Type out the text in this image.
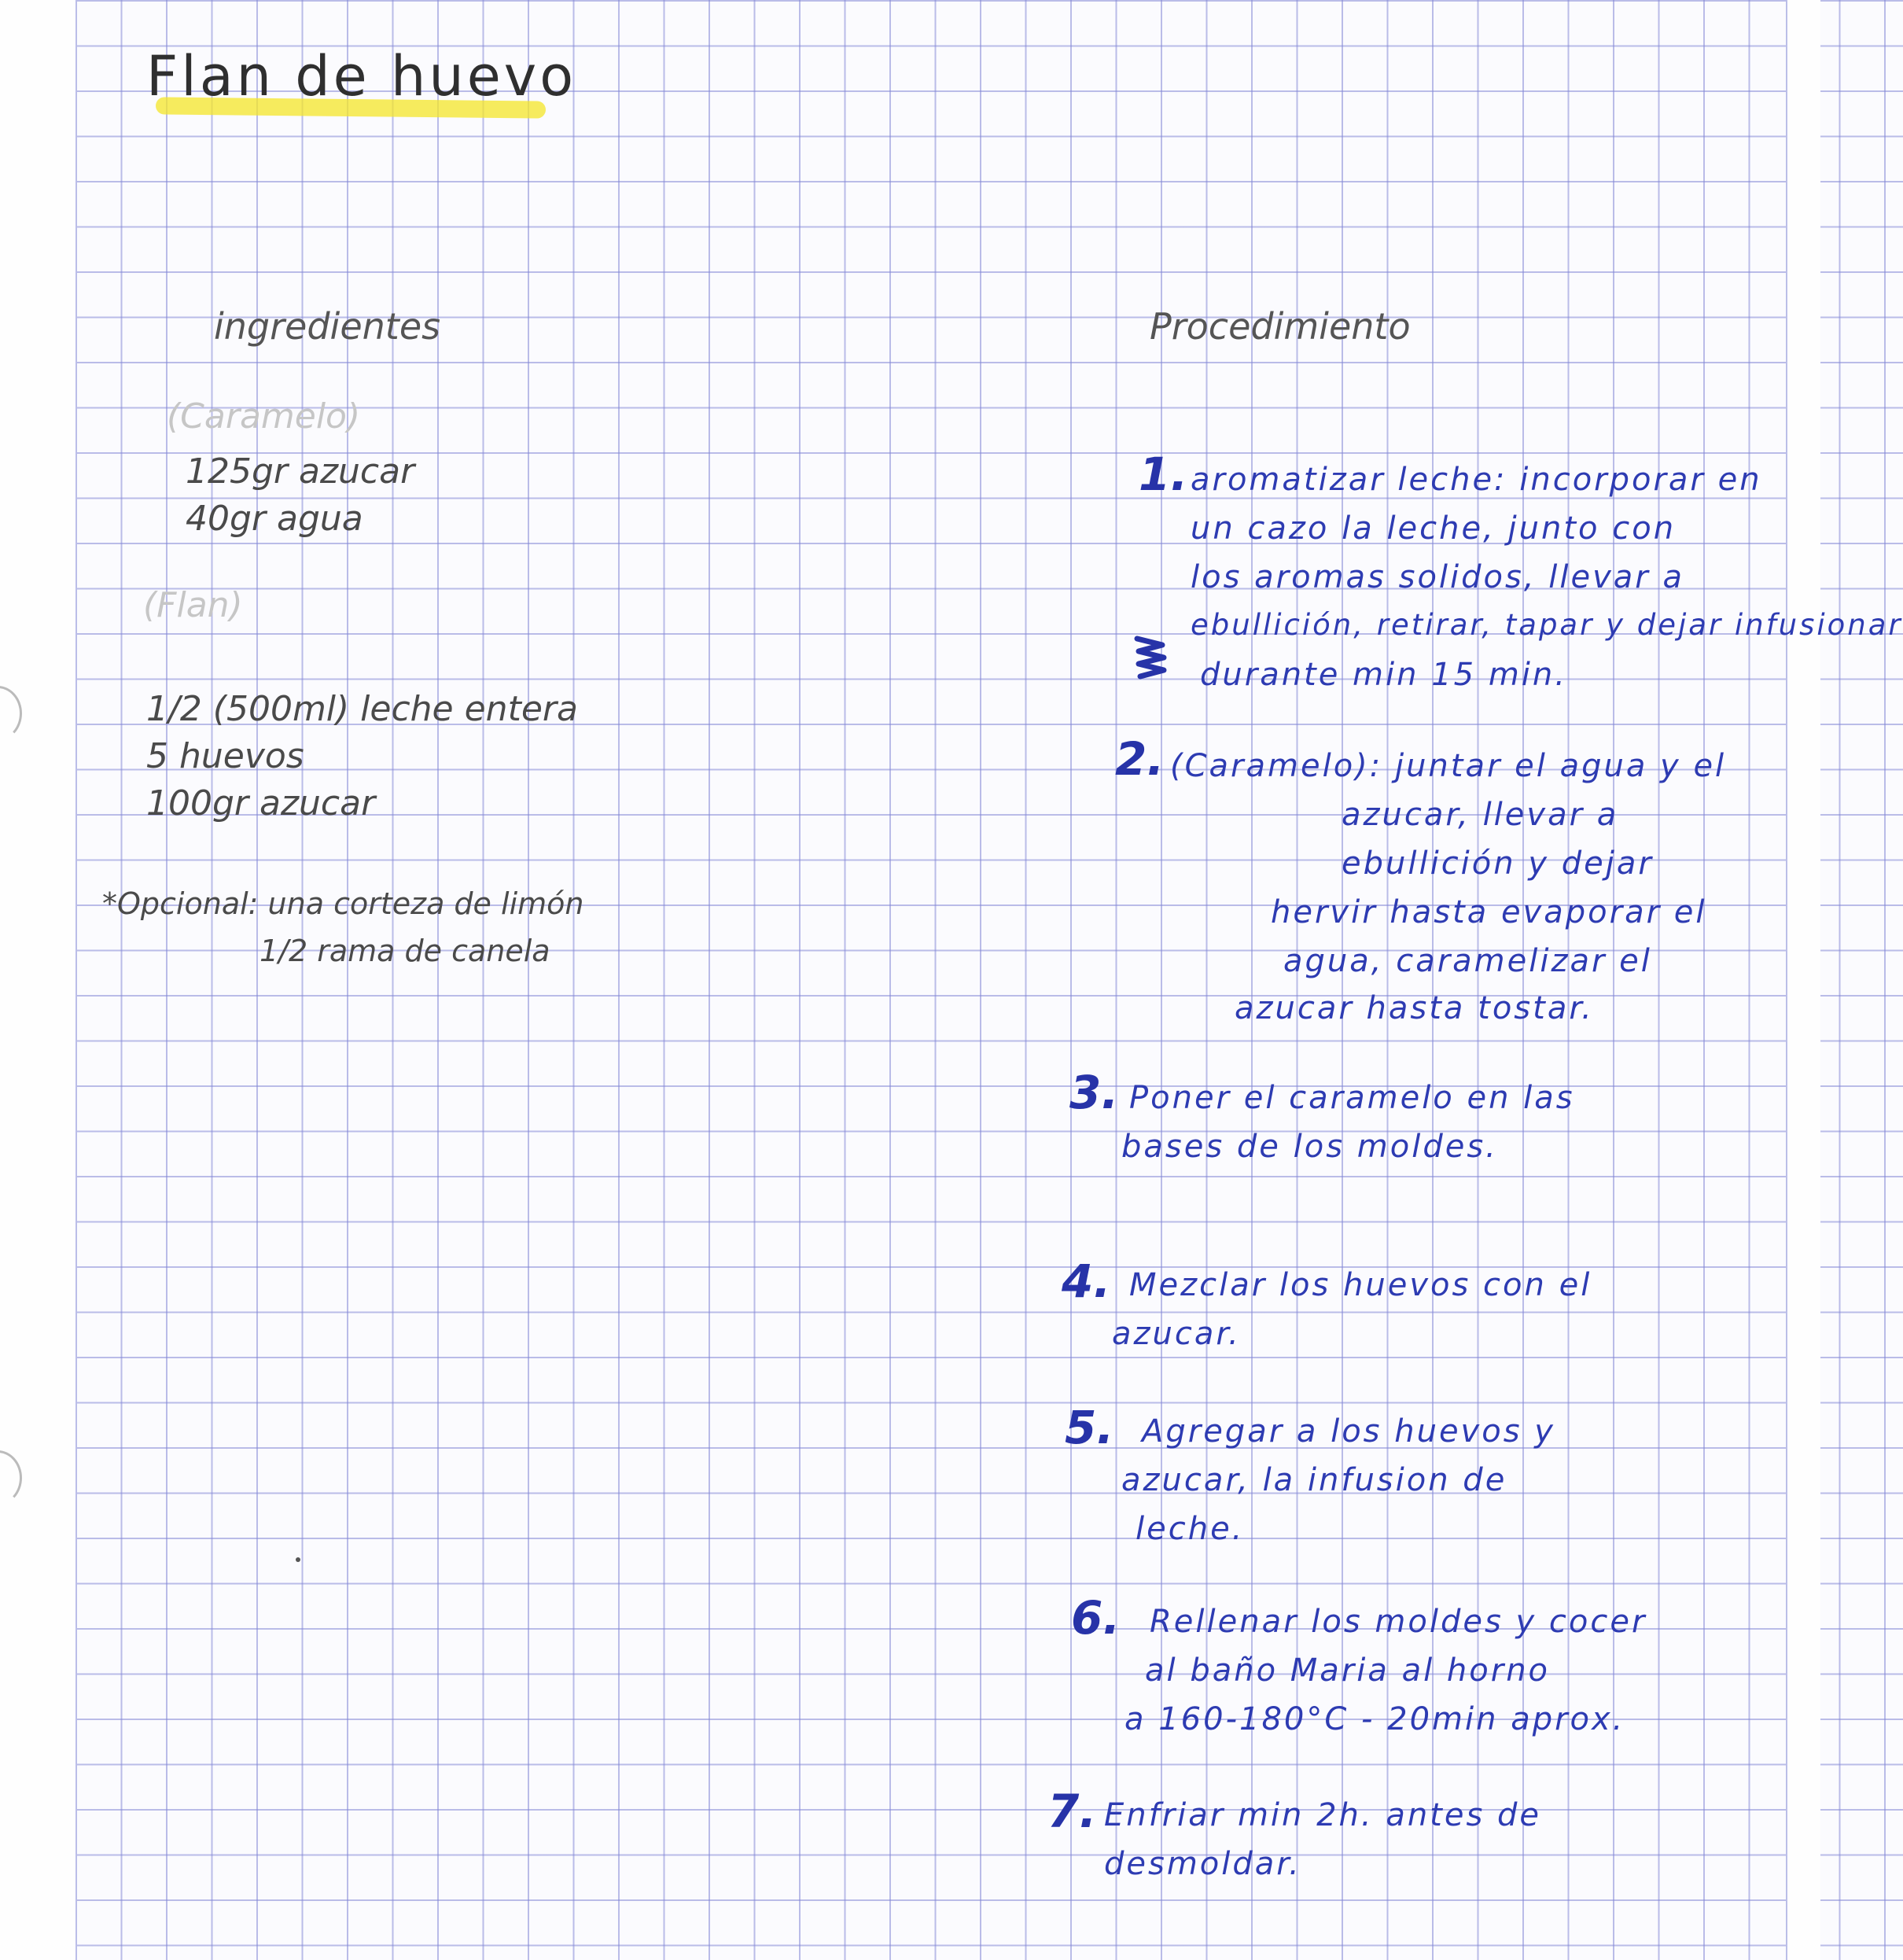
Flan de huevo
ingredientes
(Caramelo)
125gr azucar
40gr agua
(Flan)
1/2 (500ml) leche entera
5 huevos
100gr azucar
*Opcional: una corteza de limón
1/2 rama de canela
Procedimiento
1. aromatizar leche: incorporar en
un cazo la leche, junto con
los aromas solidos, llevar a
ebullición, retirar, tapar y dejar infusionar
durante min 15 min.
2. (Caramelo): juntar el agua y el
azucar, llevar a
ebullición y dejar
hervir hasta evaporar el
agua, caramelizar el
azucar hasta tostar.
3. Poner el caramelo en las
bases de los moldes.
4. Mezclar los huevos con el
azucar.
5. Agregar a los huevos y
azucar, la infusion de
leche.
6. Rellenar los moldes y cocer
al baño Maria al horno
a 160-180°C - 20min aprox.
7. Enfriar min 2h. antes de
desmoldar.
